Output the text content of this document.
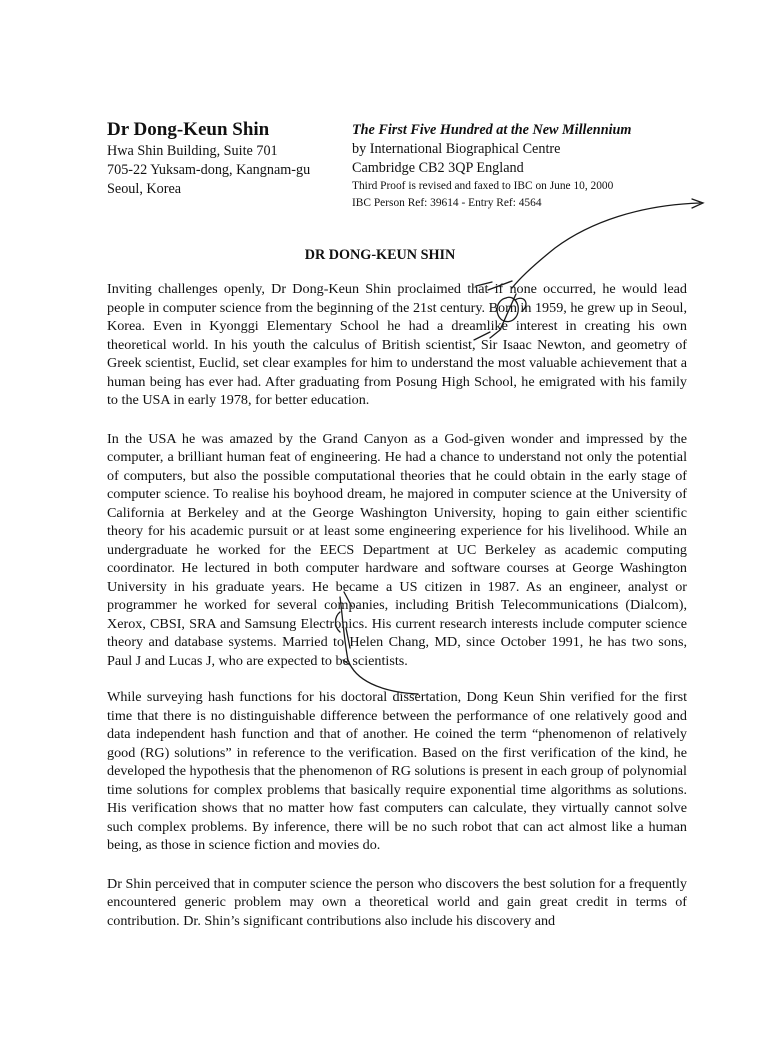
Dr Dong-Keun Shin
Hwa Shin Building, Suite 701
705-22 Yuksam-dong, Kangnam-gu
Seoul, Korea
The First Five Hundred at the New Millennium
by International Biographical Centre
Cambridge CB2 3QP England
Third Proof is revised and faxed to IBC on June 10, 2000
IBC Person Ref: 39614 - Entry Ref: 4564
DR DONG-KEUN SHIN

Inviting challenges openly, Dr Dong-Keun Shin proclaimed that if none occurred, he would lead people in computer science from the beginning of the 21st century. Born in 1959, he grew up in Seoul, Korea. Even in Kyonggi Elementary School he had a dreamlike interest in creating his own theoretical world. In his youth the calculus of British scientist, Sir Isaac Newton, and geometry of Greek scientist, Euclid, set clear examples for him to understand the most valuable achievement that a human being has ever had. After graduating from Posung High School, he emigrated with his family to the USA in early 1978, for better education.

In the USA he was amazed by the Grand Canyon as a God-given wonder and impressed by the computer, a brilliant human feat of engineering. He had a chance to understand not only the potential of computers, but also the possible computational theories that he could obtain in the early stage of computer science. To realise his boyhood dream, he majored in computer science at the University of California at Berkeley and at the George Washington University, hoping to gain either scientific theory for his academic pursuit or at least some engineering experience for his livelihood. While an undergraduate he worked for the EECS Department at UC Berkeley as academic computing coordinator. He lectured in both computer hardware and software courses at George Washington University in his graduate years. He became a US citizen in 1987. As an engineer, analyst or programmer he worked for several companies, including British Telecommunications (Dialcom), Xerox, CBSI, SRA and Samsung Electronics. His current research interests include computer science theory and database systems. Married to Helen Chang, MD, since October 1991, he has two sons, Paul J and Lucas J, who are expected to be scientists.

While surveying hash functions for his doctoral dissertation, Dong Keun Shin verified for the first time that there is no distinguishable difference between the performance of one relatively good and data independent hash function and that of another. He coined the term “phenomenon of relatively good (RG) solutions” in reference to the verification. Based on the first verification of the kind, he developed the hypothesis that the phenomenon of RG solutions is present in each group of polynomial time solutions for complex problems that basically require exponential time algorithms as solutions. His verification shows that no matter how fast computers can calculate, they virtually cannot solve such complex problems. By inference, there will be no such robot that can act almost like a human being, as those in science fiction and movies do.

Dr Shin perceived that in computer science the person who discovers the best solution for a frequently encountered generic problem may own a theoretical world and gain great credit in terms of contribution. Dr. Shin’s significant contributions also include his discovery and
